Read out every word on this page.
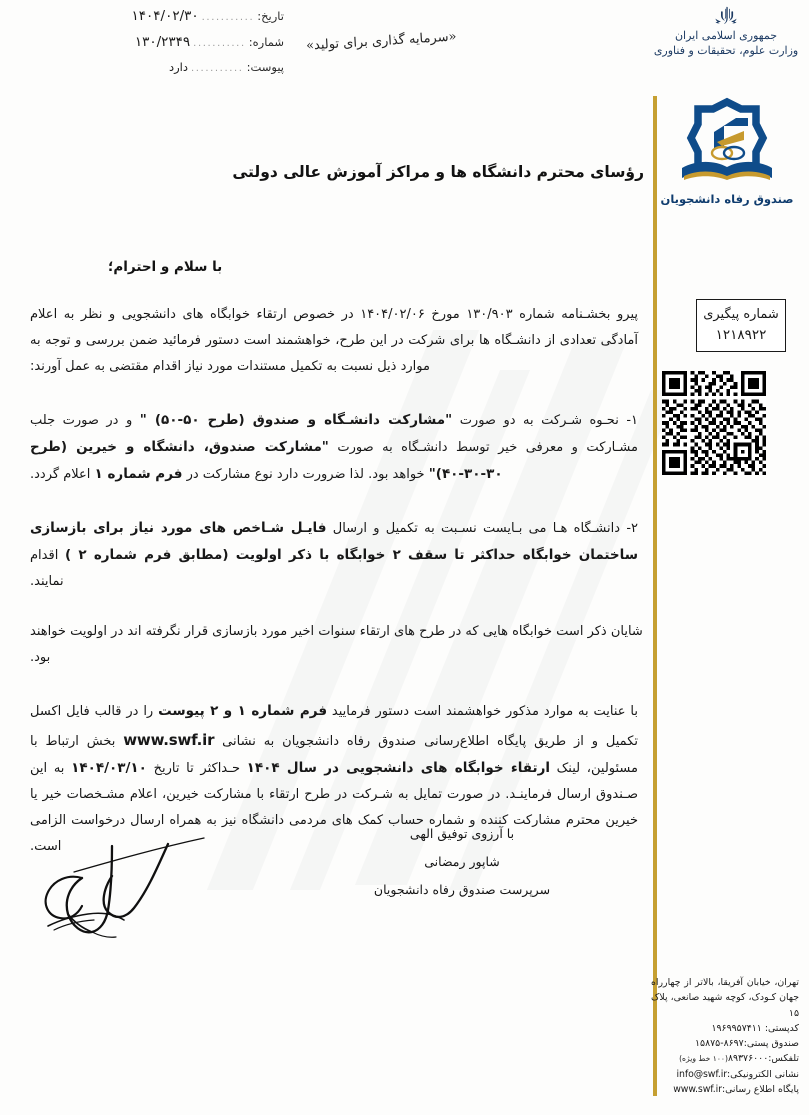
تاریخ:
...........
۱۴۰۴/۰۲/۳۰
شماره:
...........
۱۳۰/۲۳۴۹
پیوست:
...........
دارد
«سرمایه گذاری برای تولید»	جمهوری اسلامی ایران
وزارت علوم، تحقیقات و فناوری
صندوق رفاه دانشجویان
شماره پیگیری
۱۲۱۸۹۲۲
رؤسای محترم دانشگاه ها و مراکز آموزش عالی دولتی
با سلام و احترام؛
پیرو بخشـنامه شماره ۱۳۰/۹۰۳ مورخ ۱۴۰۴/۰۲/۰۶ در خصوص ارتقاء خوابگاه های دانشجویی و نظر به اعلام آمادگی تعدادی از دانشـگاه ها برای شرکت در این طرح، خواهشمند است دستور فرمائید ضمن بررسی و توجه به موارد ذیل نسبت به تکمیل مستندات مورد نیاز اقدام مقتضی به عمل آورند:
۱- نحـوه شـرکت به دو صورت "مشارکت دانشـگاه و صندوق (طرح ۵۰-۵۰) " و در صورت جلب مشـارکت و معرفی خیر توسط دانشـگاه به صورت "مشارکت صندوق، دانشگاه و خیرین (طرح ۳۰-۳۰-۴۰)" خواهد بود. لذا ضرورت دارد نوع مشارکت در فرم شماره ۱ اعلام گردد.
۲- دانشـگاه هـا می بـایست نسـبت به تکمیل و ارسال فایـل شـاخص های مورد نیاز برای بازسازی ساختمان خوابگاه حداکثر تا سقف ۲ خوابگاه با ذکر اولویت (مطابق فرم شماره ۲ ) اقدام نمایند.
شایان ذکر است خوابگاه هایی که در طرح های ارتقاء سنوات اخیر مورد بازسازی قرار نگرفته اند در اولویت خواهند بود.
با عنایت به موارد مذکور خواهشمند است دستور فرمایید فرم شماره ۱ و ۲ پیوست را در قالب فایل اکسل تکمیل و از طریق پایگاه اطلاع‌رسانی صندوق رفاه دانشجویان به نشانی www.swf.ir بخش ارتباط با مسئولین، لینک ارتقاء خوابگاه های دانشجویی در سال ۱۴۰۴ حـداکثر تا تاریخ ۱۴۰۴/۰۳/۱۰ به این صـندوق ارسال فرماینـد. در صورت تمایل به شـرکت در طرح ارتقاء با مشارکت خیرین، اعلام مشـخصات خیر یا خیرین محترم مشارکت کننده و شماره حساب کمک های مردمی دانشگاه نیز به همراه ارسال درخواست الزامی است.
با آرزوی توفیق الهی
شاپور رمضانی
سرپرست صندوق رفاه دانشجویان
تهران، خیابان آفریقا، بالاتر از چهارراه جهان کـودک، کوچه شهید صانعی، پلاک ۱۵
کدپستی: ۱۹۶۹۹۵۷۴۱۱
صندوق پستی:۱۵۸۷۵-۸۶۹۷
تلفکس:۸۹۳۷۶۰۰۰(۱۰۰ خط ویژه)
نشانی الکترونیکی:info@swf.ir
پایگاه اطلاع رسانی:www.swf.ir
